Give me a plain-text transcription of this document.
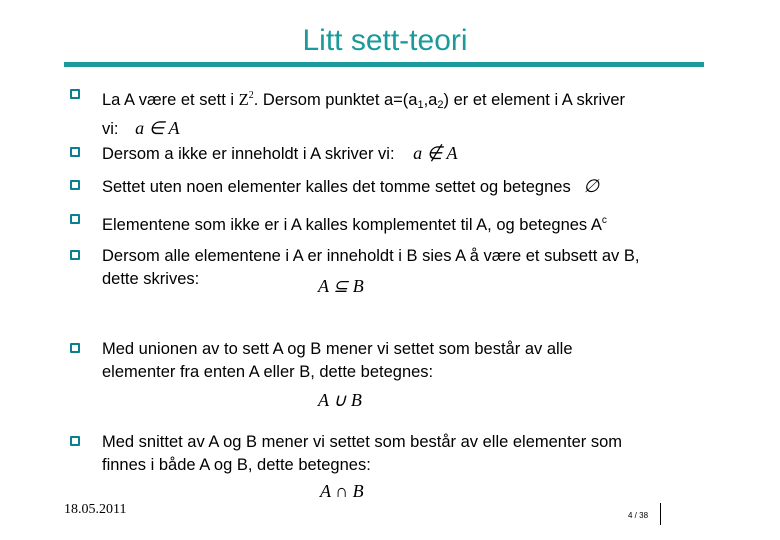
Litt sett-teori
La A være et sett i $Z^2$. Dersom punktet $a=(a_1,a_2)$ er et element i A skriver
vi: a ∈ A
Dersom a ikke er inneholdt i A skriver vi: a ∉ A
Settet uten noen elementer kalles det tomme settet og betegnes ∅
Elementene som ikke er i A kalles komplementet til A, og betegnes $A^c$
Dersom alle elementene i A er inneholdt i B sies A å være et subsett av B,
dette skrives:	A ⊆ B
Med unionen av to sett A og B mener vi settet som består av alle
elementer fra enten A eller B, dette betegnes:
A ∪ B
Med snittet av A og B mener vi settet som består av elle elementer som
finnes i både A og B, dette betegnes:
A ∩ B
18.05.2011	4 / 38
